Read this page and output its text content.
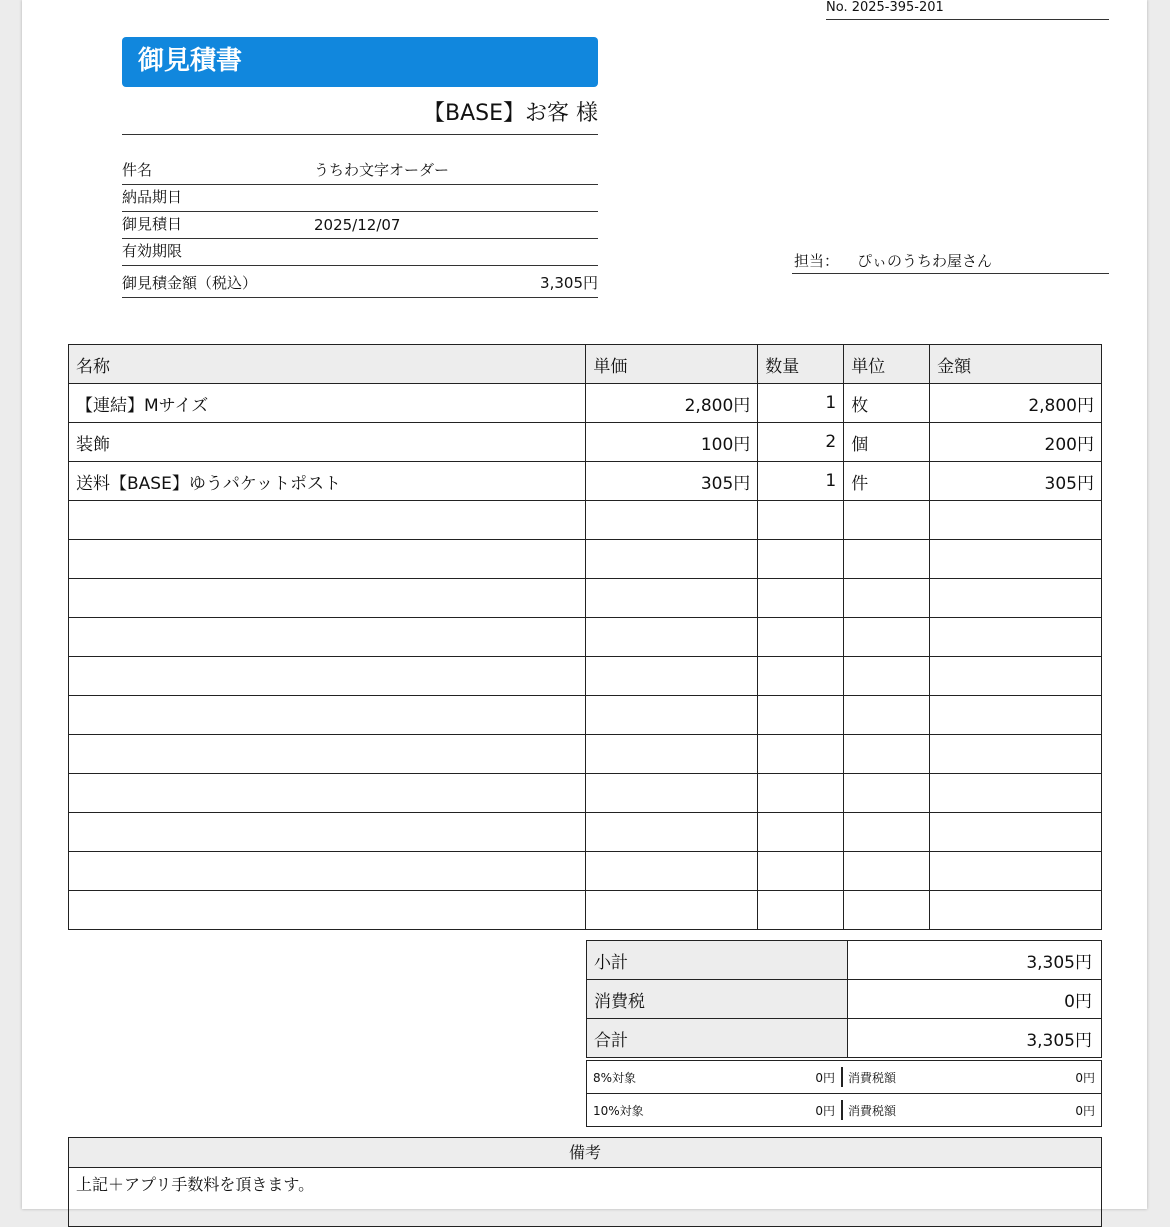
No. 2025-395-201
御見積書
【BASE】お客 様
件名	うちわ文字オーダー
納品期日
御見積日	2025/12/07
有効期限
御見積金額（税込）	3,305円
担当： ぴぃのうちわ屋さん
名称	単価	数量	単位	金額
【連結】Mサイズ	2,800円	1	枚	2,800円
装飾	100円	2	個	200円
送料【BASE】ゆうパケットポスト	305円	1	件	305円

小計	3,305円
消費税	0円
合計	3,305円
8%対象	0円		消費税額	0円
10%対象	0円		消費税額	0円
備考
上記＋アプリ手数料を頂きます。
